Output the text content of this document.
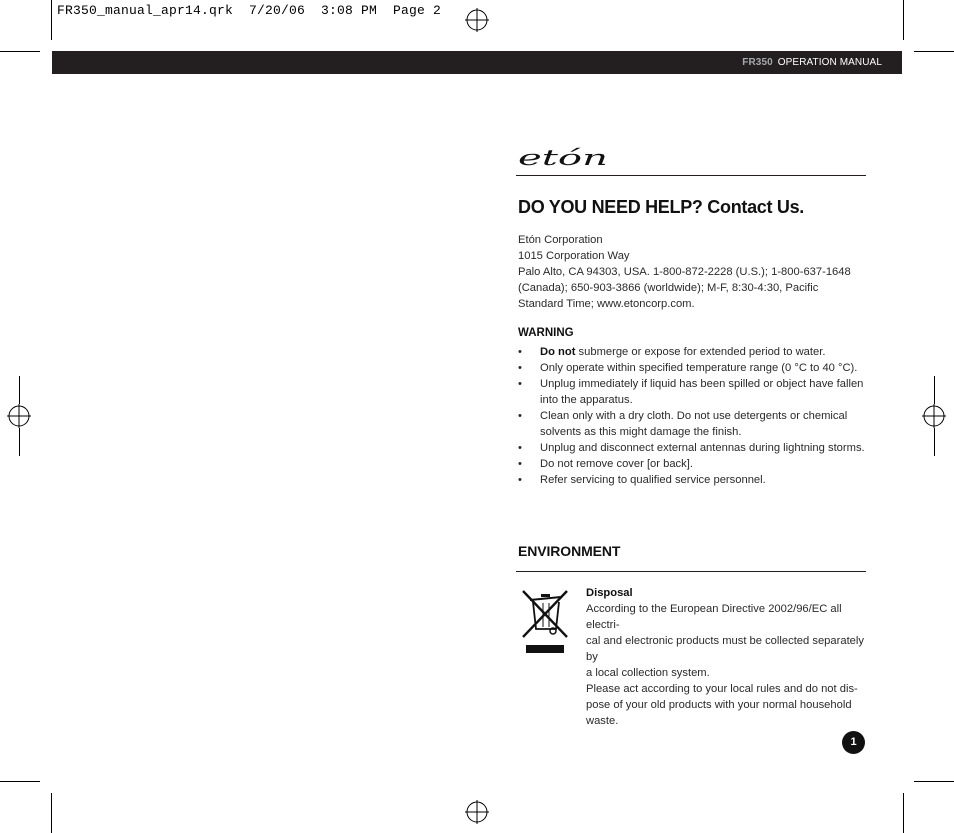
FR350_manual_apr14.qrk  7/20/06  3:08 PM  Page 2
FR350 OPERATION MANUAL
etón
DO YOU NEED HELP? Contact Us.
Etón Corporation
1015 Corporation Way
Palo Alto, CA 94303, USA. 1-800-872-2228 (U.S.); 1-800-637-1648
(Canada); 650-903-3866 (worldwide); M-F, 8:30-4:30, Pacific
Standard Time; www.etoncorp.com.
WARNING
• Do not submerge or expose for extended period to water.
• Only operate within specified temperature range (0 °C to 40 °C).
• Unplug immediately if liquid has been spilled or object have fallen into the apparatus.
• Clean only with a dry cloth. Do not use detergents or chemical solvents as this might damage the finish.
• Unplug and disconnect external antennas during lightning storms.
• Do not remove cover [or back].
• Refer servicing to qualified service personnel.
ENVIRONMENT
Disposal
According to the European Directive 2002/96/EC all electri-
cal and electronic products must be collected separately by
a local collection system.
Please act according to your local rules and do not dis-
pose of your old products with your normal household
waste.
1
